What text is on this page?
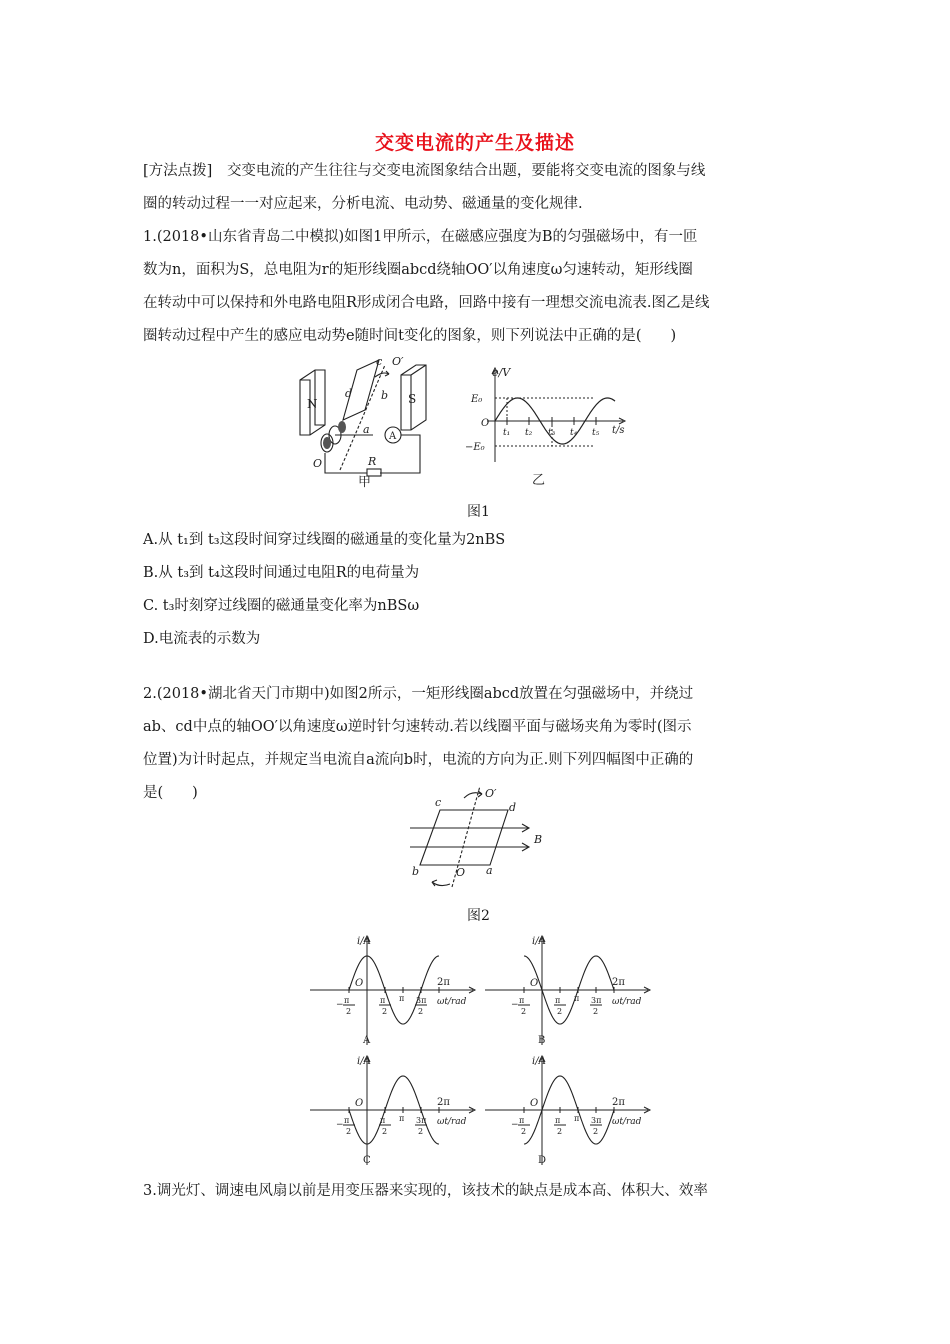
交变电流的产生及描述
[方法点拨] 交变电流的产生往往与交变电流图象结合出题，要能将交变电流的图象与线
圈的转动过程一一对应起来，分析电流、电动势、磁通量的变化规律.
1.(2018•山东省青岛二中模拟)如图1甲所示，在磁感应强度为B的匀强磁场中，有一匝
数为n，面积为S，总电阻为r的矩形线圈abcd绕轴OO′以角速度ω匀速转动，矩形线圈
在转动中可以保持和外电路电阻R形成闭合电路，回路中接有一理想交流电流表.图乙是线
圈转动过程中产生的感应电动势e随时间t变化的图象，则下列说法中正确的是(　　)
N	S
c O′
d	b
a
A
O	R
甲
e/V
E₀
−E₀
O
t₁ t₂ t₃ t₄ t₅ t/s
乙
图1
A.从 t₁到 t₃这段时间穿过线圈的磁通量的变化量为2nBS
B.从 t₃到 t₄这段时间通过电阻R的电荷量为
C. t₃时刻穿过线圈的磁通量变化率为nBSω
D.电流表的示数为
2.(2018•湖北省天门市期中)如图2所示，一矩形线圈abcd放置在匀强磁场中，并绕过
ab、cd中点的轴OO′以角速度ω逆时针匀速转动.若以线圈平面与磁场夹角为零时(图示
位置)为计时起点，并规定当电流自a流向b时，电流的方向为正.则下列四幅图中正确的
是(　　)
c	d
O′
B
b	O a
图2
i/A
O	2π
π
π
−
2
π
2
3π
2
ωt/rad
A
i/A
O	2π
π
π
−
2
π
2
3π
2
ωt/rad
B
i/A
O	2π
π
π
−
2
π
2
3π
2
ωt/rad
C
i/A
O	2π
π
π
−
2
π
2
3π
2
ωt/rad
D
3.调光灯、调速电风扇以前是用变压器来实现的，该技术的缺点是成本高、体积大、效率
